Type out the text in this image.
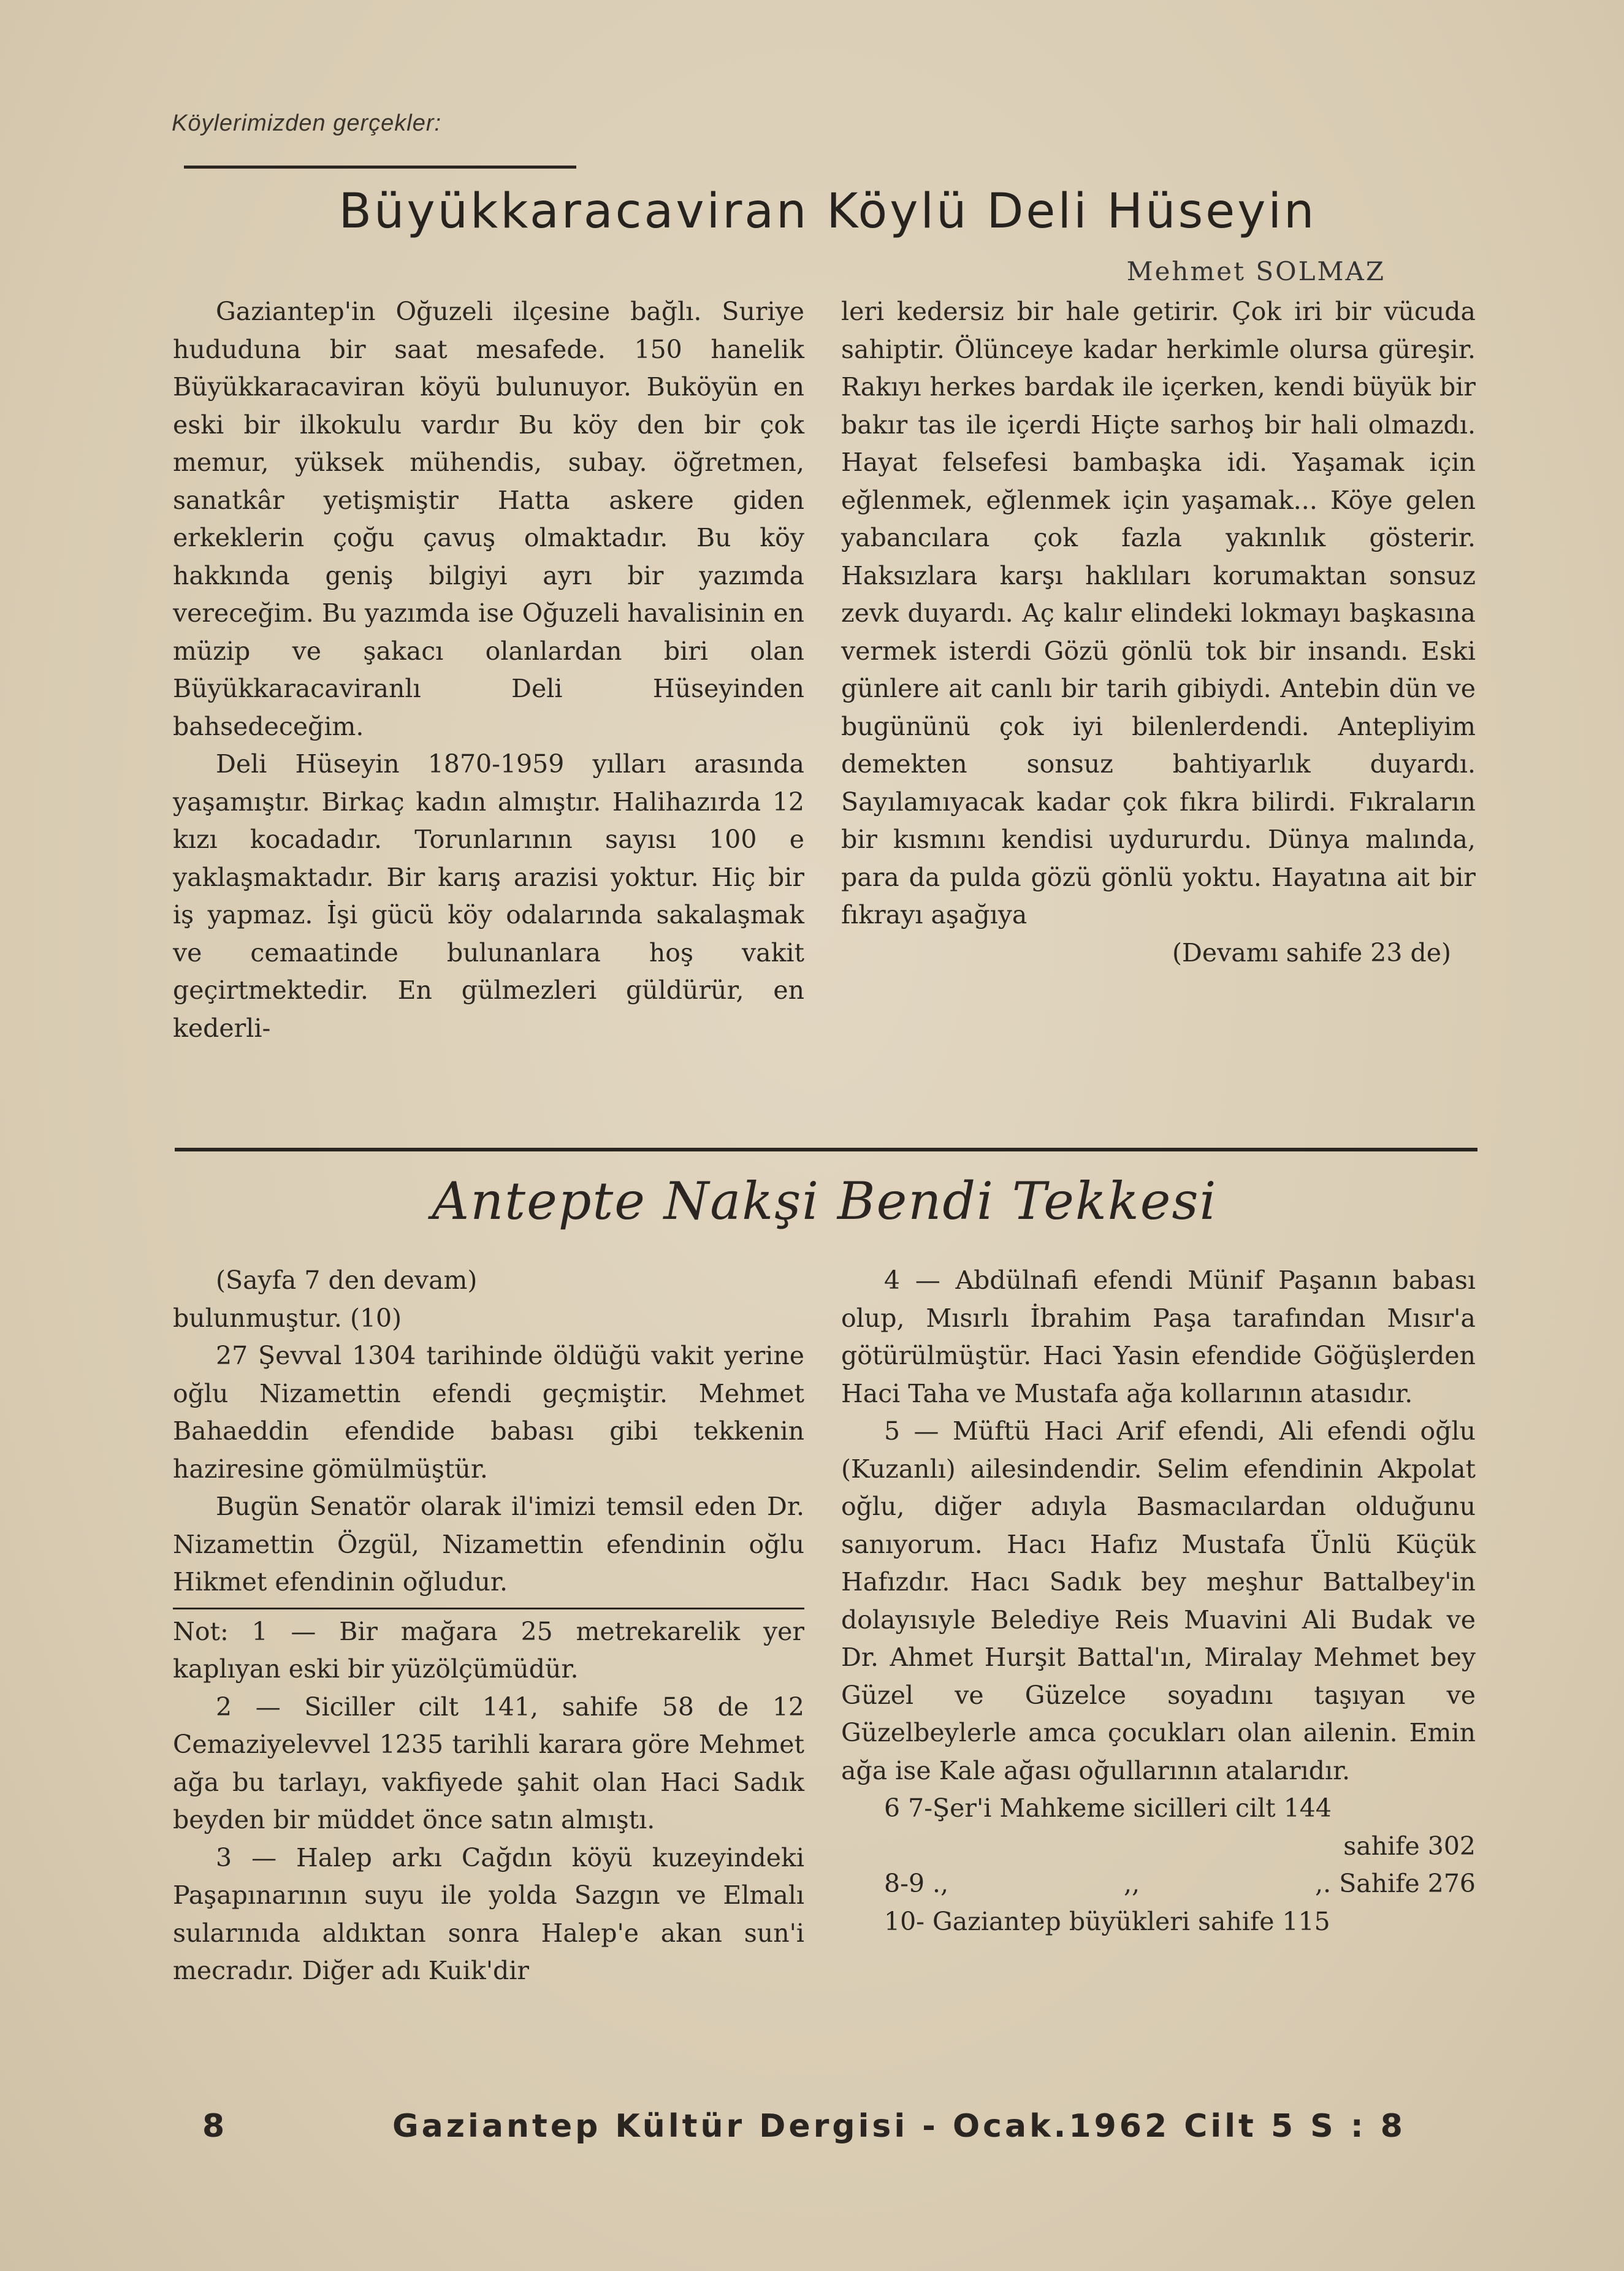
Köylerimizden gerçekler:
Büyükkaracaviran Köylü Deli Hüseyin
Mehmet SOLMAZ

Gaziantep'in Oğuzeli ilçesine bağlı. Suriye hududuna bir saat mesafede. 150 hanelik Büyükkaracaviran köyü bulunuyor. Buköyün en eski bir ilkokulu vardır Bu köy den bir çok memur, yüksek mühendis, subay. öğretmen, sanatkâr yetişmiştir Hatta askere giden erkeklerin çoğu çavuş olmaktadır. Bu köy hakkında geniş bilgiyi ayrı bir yazımda vereceğim. Bu yazımda ise Oğuzeli havalisinin en müzip ve şakacı olanlardan biri olan Büyükkaracaviranlı Deli Hüseyinden bahsedeceğim.

Deli Hüseyin 1870-1959 yılları arasında yaşamıştır. Birkaç kadın almıştır. Halihazırda 12 kızı kocadadır. Torunlarının sayısı 100 e yaklaşmaktadır. Bir karış arazisi yoktur. Hiç bir iş yapmaz. İşi gücü köy odalarında sakalaşmak ve cemaatinde bulunanlara hoş vakit geçirtmektedir. En gülmezleri güldürür, en kederli-

leri kedersiz bir hale getirir. Çok iri bir vücuda sahiptir. Ölünceye kadar herkimle olursa güreşir. Rakıyı herkes bardak ile içerken, kendi büyük bir bakır tas ile içerdi Hiçte sarhoş bir hali olmazdı. Hayat felsefesi bambaşka idi. Yaşamak için eğlenmek, eğlenmek için yaşamak... Köye gelen yabancılara çok fazla yakınlık gösterir. Haksızlara karşı haklıları korumaktan sonsuz zevk duyardı. Aç kalır elindeki lokmayı başkasına vermek isterdi Gözü gönlü tok bir insandı. Eski günlere ait canlı bir tarih gibiydi. Antebin dün ve bugününü çok iyi bilenlerdendi. Antepliyim demekten sonsuz bahtiyarlık duyardı. Sayılamıyacak kadar çok fıkra bilirdi. Fıkraların bir kısmını kendisi uydururdu. Dünya malında, para da pulda gözü gönlü yoktu. Hayatına ait bir fıkrayı aşağıya

(Devamı sahife 23 de)
Antepte Nakşi Bendi Tekkesi

(Sayfa 7 den devam)

bulunmuştur. (10)

27 Şevval 1304 tarihinde öldüğü vakit yerine oğlu Nizamettin efendi geçmiştir. Mehmet Bahaeddin efendide babası gibi tekkenin haziresine gömülmüştür.

Bugün Senatör olarak il'imizi temsil eden Dr. Nizamettin Özgül, Nizamettin efendinin oğlu Hikmet efendinin oğludur.

Not: 1 — Bir mağara 25 metrekarelik yer kaplıyan eski bir yüzölçümüdür.

2 — Siciller cilt 141, sahife 58 de 12 Cemaziyelevvel 1235 tarihli karara göre Mehmet ağa bu tarlayı, vakfiyede şahit olan Haci Sadık beyden bir müddet önce satın almıştı.

3 — Halep arkı Cağdın köyü kuzeyindeki Paşapınarının suyu ile yolda Sazgın ve Elmalı sularınıda aldıktan sonra Halep'e akan sun'i mecradır. Diğer adı Kuik'dir

4 — Abdülnafi efendi Münif Paşanın babası olup, Mısırlı İbrahim Paşa tarafından Mısır'a götürülmüştür. Haci Yasin efendide Göğüşlerden Haci Taha ve Mustafa ağa kollarının atasıdır.

5 — Müftü Haci Arif efendi, Ali efendi oğlu (Kuzanlı) ailesindendir. Selim efendinin Akpolat oğlu, diğer adıyla Basmacılardan olduğunu sanıyorum. Hacı Hafız Mustafa Ünlü Küçük Hafızdır. Hacı Sadık bey meşhur Battalbey'in dolayısıyle Belediye Reis Muavini Ali Budak ve Dr. Ahmet Hurşit Battal'ın, Miralay Mehmet bey Güzel ve Güzelce soyadını taşıyan ve Güzelbeylerle amca çocukları olan ailenin. Emin ağa ise Kale ağası oğullarının atalarıdır.

6 7-Şer'i Mahkeme sicilleri cilt 144

sahife 302
8-9 .,	,,	,. Sahife 276

10- Gaziantep büyükleri sahife 115

8	Gaziantep Kültür Dergisi - Ocak.1962 Cilt 5 S : 8
